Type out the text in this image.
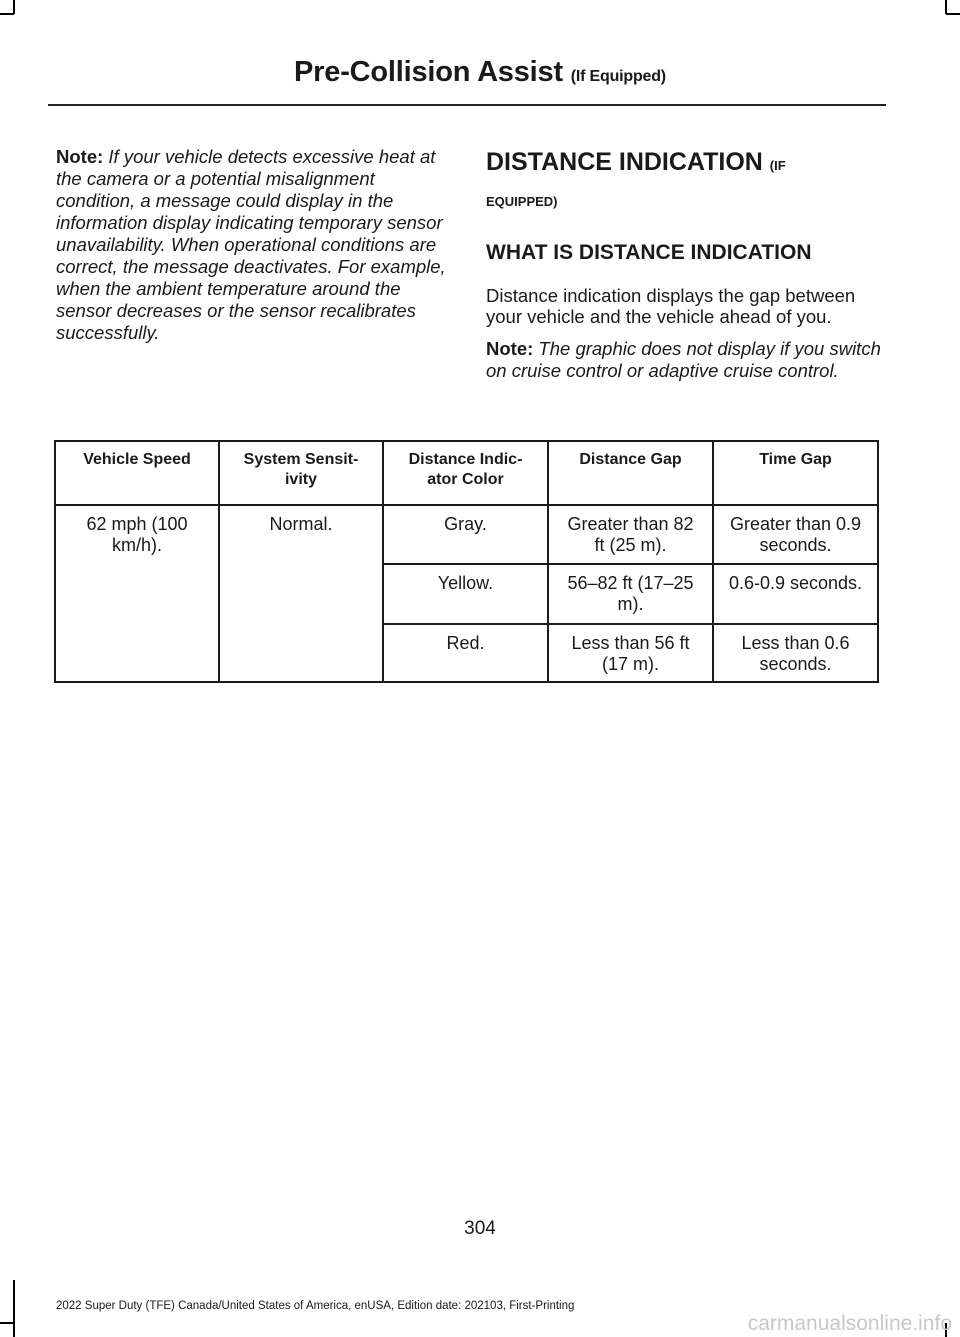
Pre-Collision Assist (If Equipped)
Note: If your vehicle detects excessive heat at the camera or a potential misalignment condition, a message could display in the information display indicating temporary sensor unavailability. When operational conditions are correct, the message deactivates. For example, when the ambient temperature around the sensor decreases or the sensor recalibrates successfully.
DISTANCE INDICATION (IF
EQUIPPED)
WHAT IS DISTANCE INDICATION
Distance indication displays the gap between your vehicle and the vehicle ahead of you.
Note: The graphic does not display if you switch on cruise control or adaptive cruise control.
Vehicle Speed	System Sensit-ivity	Distance Indic-ator Color	Distance Gap	Time Gap
62 mph (100 km/h).	Normal.	Gray.	Greater than 82 ft (25 m).	Greater than 0.9 seconds.
		Yellow.	56–82 ft (17–25 m).	0.6-0.9 seconds.
		Red.	Less than 56 ft (17 m).	Less than 0.6 seconds.
304
2022 Super Duty (TFE) Canada/United States of America, enUSA, Edition date: 202103, First-Printing
carmanualsonline.info
